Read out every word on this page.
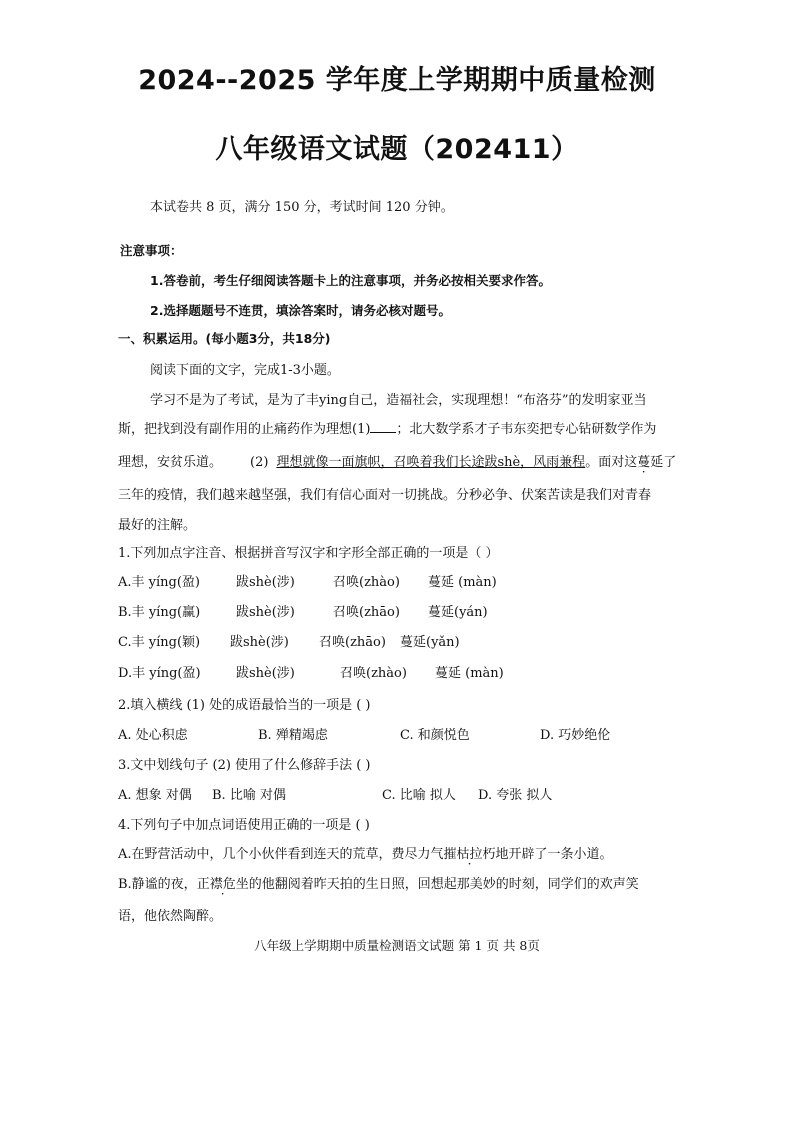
2024--2025 学年度上学期期中质量检测
八年级语文试题（202411）
本试卷共 8 页，满分 150 分，考试时间 120 分钟。
注意事项：
1.答卷前，考生仔细阅读答题卡上的注意事项，并务必按相关要求作答。
2.选择题题号不连贯，填涂答案时，请务必核对题号。
一、积累运用。(每小题3分，共18分)
阅读下面的文字，完成1-3小题。
学习不是为了考试，是为了丰ying自己，造福社会，实现理想！“布洛芬”的发明家亚当
斯，把找到没有副作用的止痛药作为理想(1) ；北大数学系才子韦东奕把专心钻研数学作为
理想，安贫乐道。 (2) 理想就像一面旗帜，召唤着我们长途跋shè，风雨兼程。面对这蔓延了
三年的疫情，我们越来越坚强，我们有信心面对一切挑战。分秒必争、伏案苦读是我们对青春
最好的注解。
1.下列加点字注音、根据拼音写汉字和字形全部正确的一项是（ ）
A.丰 yíng(盈)	跋shè(涉)	召唤(zhào) 蔓延 (màn)
B.丰 yíng(赢)	跋shè(涉)	召唤(zhāo) 蔓延(yán)
C.丰 yíng(颖) 跋shè(涉) 召唤(zhāo) 蔓延(yǎn)
D.丰 yíng(盈)	跋shè(涉)	召唤(zhào) 蔓延 (màn)
2.填入横线 (1) 处的成语最恰当的一项是 ( )
A. 处心积虑	B. 殚精竭虑	C. 和颜悦色	D. 巧妙绝伦
3.文中划线句子 (2) 使用了什么修辞手法 ( )
A. 想象 对偶 B. 比喻 对偶	C. 比喻 拟人 D. 夸张 拟人
4.下列句子中加点词语使用正确的一项是 ( )
A.在野营活动中，几个小伙伴看到连天的荒草，费尽力气摧枯拉朽地开辟了一条小道。
B.静谧的夜，正襟危坐的他翻阅着昨天拍的生日照，回想起那美妙的时刻，同学们的欢声笑
语，他依然陶醉。
八年级上学期期中质量检测语文试题 第 1 页 共 8页
